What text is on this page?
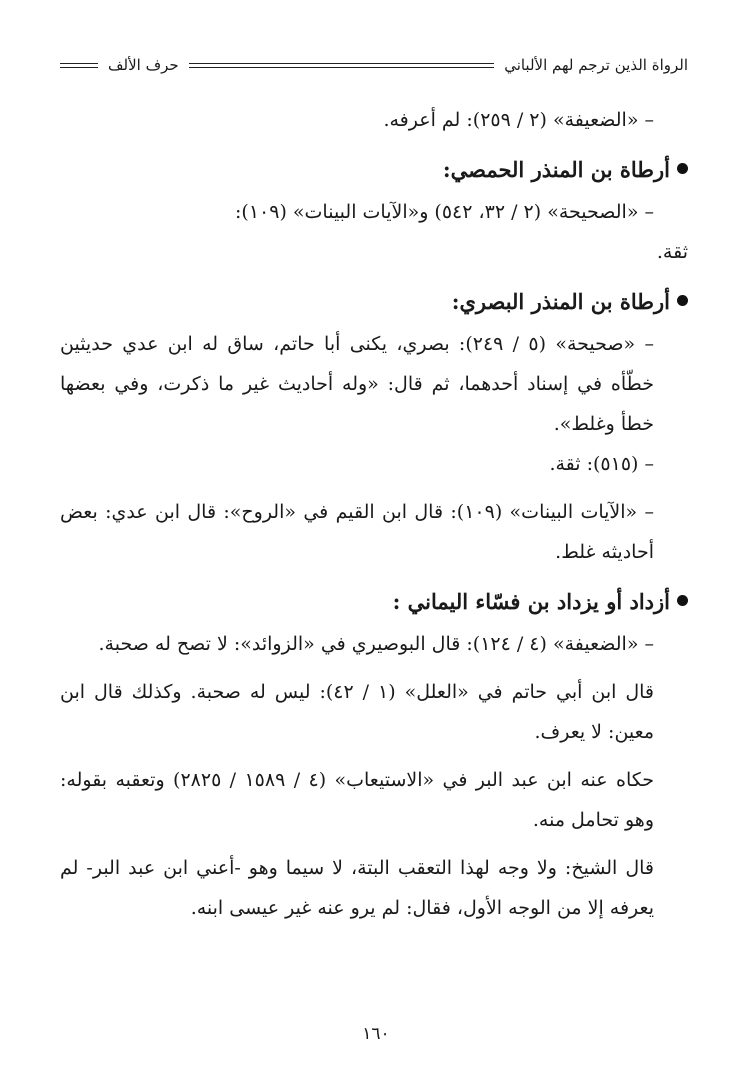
الرواة الذين ترجم لهم الألباني
حرف الألف

– «الضعيفة» (٢ / ٢٥٩): لم أعرفه.

أرطاة بن المنذر الحمصي:

– «الصحيحة» (٢ / ٣٢، ٥٤٢) و«الآيات البينات» (١٠٩):

ثقة.

أرطاة بن المنذر البصري:

– «صحيحة» (٥ / ٢٤٩): بصري، يكنى أبا حاتم، ساق له ابن عدي حديثين خطّأه في إسناد أحدهما، ثم قال: «وله أحاديث غير ما ذكرت، وفي بعضها خطأ وغلط».

– (٥١٥): ثقة.

– «الآيات البينات» (١٠٩): قال ابن القيم في «الروح»: قال ابن عدي: بعض أحاديثه غلط.

أزداد أو يزداد بن فسّاء اليماني :

– «الضعيفة» (٤ / ١٢٤): قال البوصيري في «الزوائد»: لا تصح له صحبة.

قال ابن أبي حاتم في «العلل» (١ / ٤٢): ليس له صحبة. وكذلك قال ابن معين: لا يعرف.

حكاه عنه ابن عبد البر في «الاستيعاب» (٤ / ١٥٨٩ / ٢٨٢٥) وتعقبه بقوله: وهو تحامل منه.

قال الشيخ: ولا وجه لهذا التعقب البتة، لا سيما وهو -أعني ابن عبد البر- لم يعرفه إلا من الوجه الأول، فقال: لم يرو عنه غير عيسى ابنه.

١٦٠
